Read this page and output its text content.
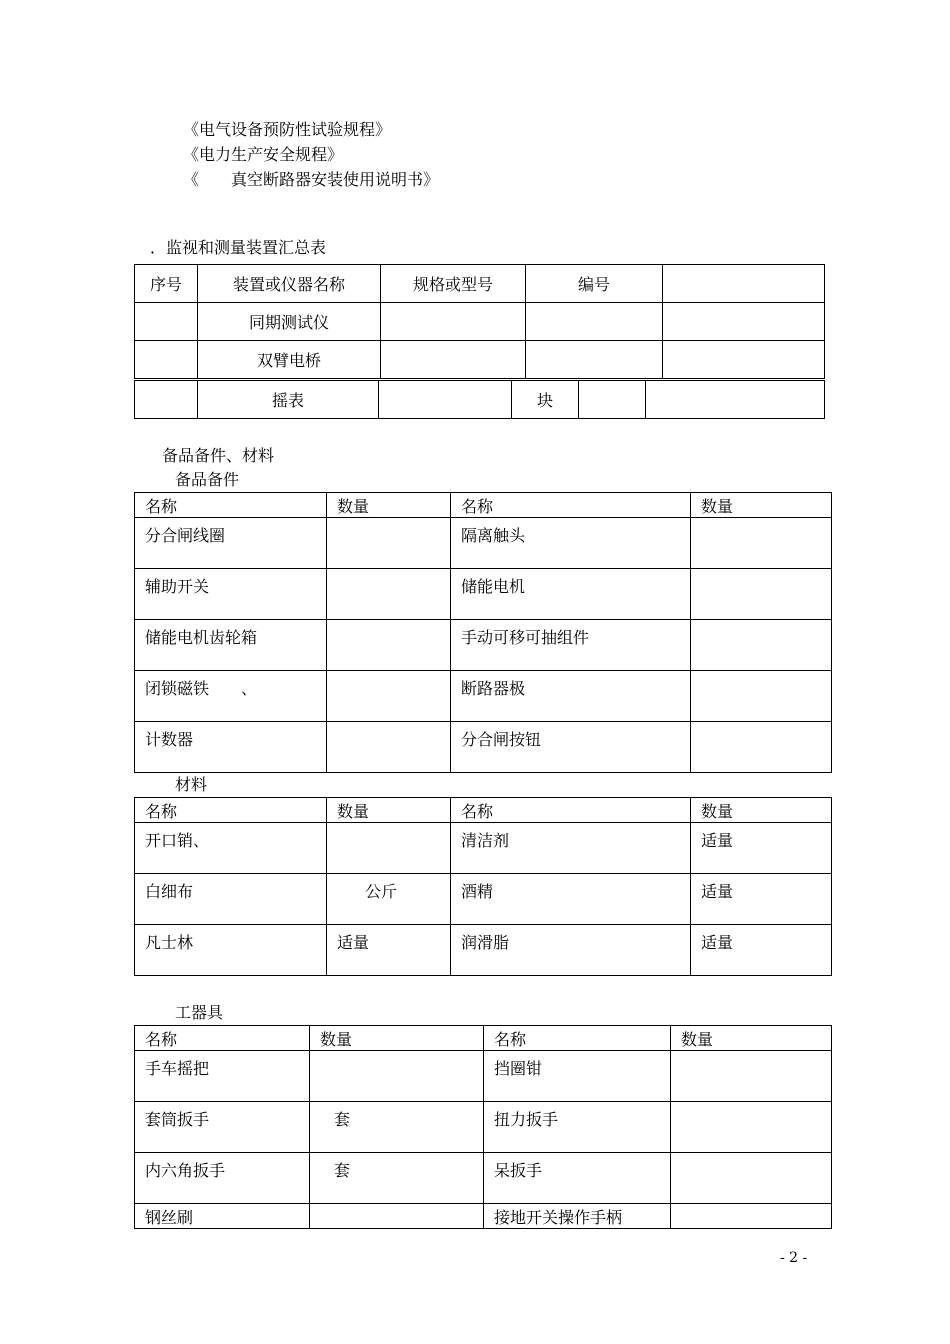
《电气设备预防性试验规程》
《电力生产安全规程》
《　　真空断路器安装使用说明书》
．监视和测量装置汇总表
序号	装置或仪器名称	规格或型号	编号	
	同期测试仪			
	双臂电桥			
	摇表		块		
备品备件、材料
备品备件
名称	数量	名称	数量
分合闸线圈		隔离触头	
辅助开关		储能电机	
储能电机齿轮箱		手动可移可抽组件	
闭锁磁铁　　、		断路器极	
计数器		分合闸按钮	
材料
名称	数量	名称	数量
开口销、		清洁剂	适量
白细布	公斤	酒精	适量
凡士林	适量	润滑脂	适量
工器具
名称	数量	名称	数量
手车摇把		挡圈钳	
套筒扳手	套	扭力扳手	
内六角扳手	套	呆扳手	
钢丝刷		接地开关操作手柄	
- 2 -
